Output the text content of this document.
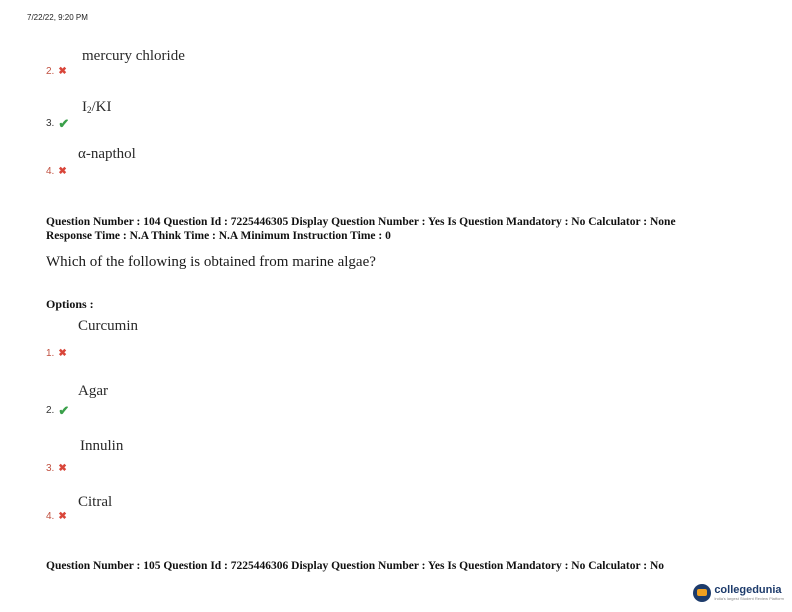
7/22/22, 9:20 PM
mercury chloride
2. ✖
$I_2/KI$
3. ✔
α-napthol
4. ✖
Question Number : 104 Question Id : 7225446305 Display Question Number : Yes Is Question Mandatory : No Calculator : None
Response Time : N.A Think Time : N.A Minimum Instruction Time : 0
Which of the following is obtained from marine algae?
Options :
Curcumin
1. ✖
Agar
2. ✔
Innulin
3. ✖
Citral
4. ✖
Question Number : 105 Question Id : 7225446306 Display Question Number : Yes Is Question Mandatory : No Calculator : No
collegedunia
India's largest Student Review Platform
